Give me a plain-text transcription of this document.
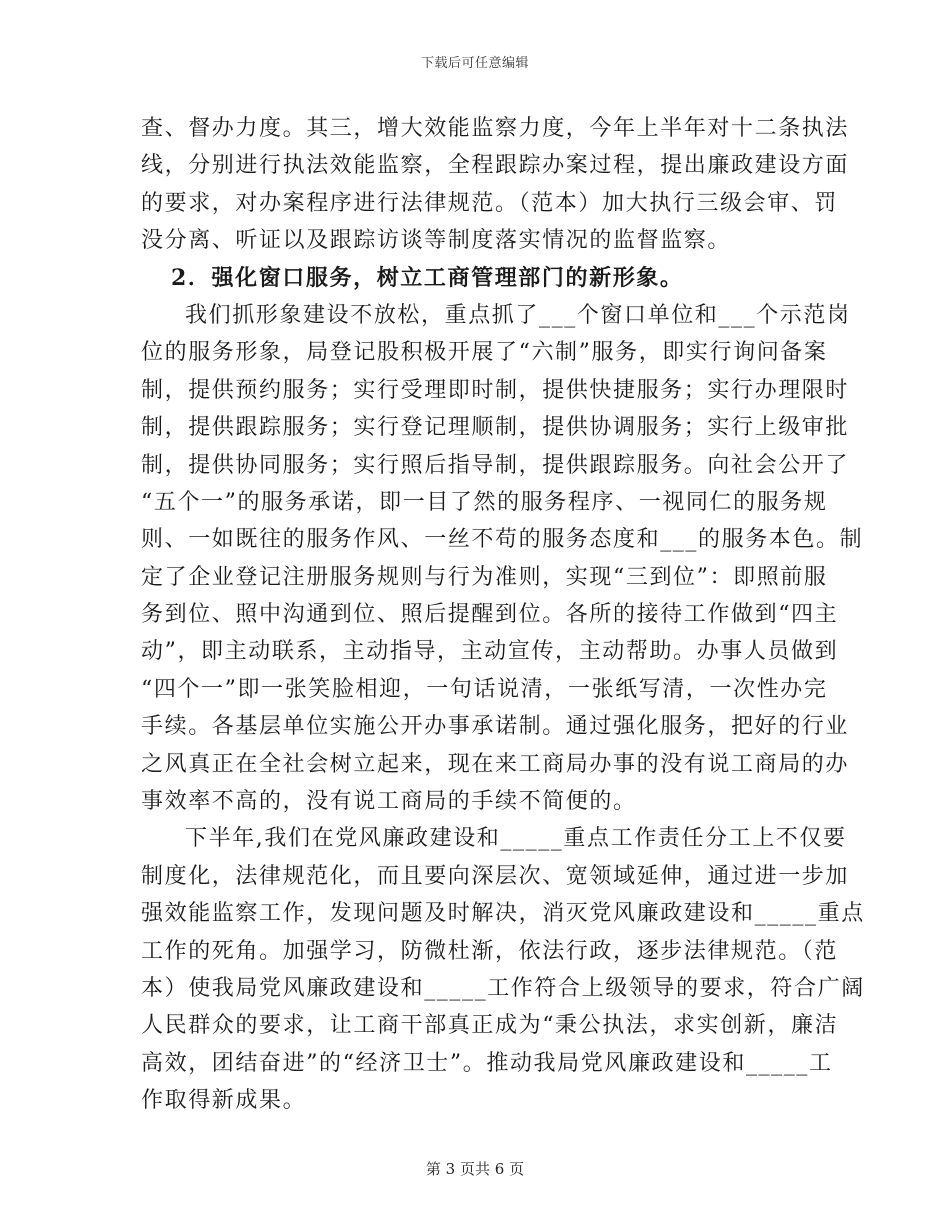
下载后可任意编辑
查、督办力度。其三，增大效能监察力度，今年上半年对十二条执法
线，分别进行执法效能监察，全程跟踪办案过程，提出廉政建设方面
的要求，对办案程序进行法律规范。（范本）加大执行三级会审、罚
没分离、听证以及跟踪访谈等制度落实情况的监督监察。
2．强化窗口服务，树立工商管理部门的新形象。
我们抓形象建设不放松，重点抓了___个窗口单位和___个示范岗
位的服务形象，局登记股积极开展了“六制”服务，即实行询问备案
制，提供预约服务；实行受理即时制，提供快捷服务；实行办理限时
制，提供跟踪服务；实行登记理顺制，提供协调服务；实行上级审批
制，提供协同服务；实行照后指导制，提供跟踪服务。向社会公开了
“五个一”的服务承诺，即一目了然的服务程序、一视同仁的服务规
则、一如既往的服务作风、一丝不苟的服务态度和___的服务本色。制
定了企业登记注册服务规则与行为准则，实现“三到位”：即照前服
务到位、照中沟通到位、照后提醒到位。各所的接待工作做到“四主
动”，即主动联系，主动指导，主动宣传，主动帮助。办事人员做到
“四个一”即一张笑脸相迎，一句话说清，一张纸写清，一次性办完
手续。各基层单位实施公开办事承诺制。通过强化服务，把好的行业
之风真正在全社会树立起来，现在来工商局办事的没有说工商局的办
事效率不高的，没有说工商局的手续不简便的。
下半年,我们在党风廉政建设和_____重点工作责任分工上不仅要
制度化，法律规范化，而且要向深层次、宽领域延伸，通过进一步加
强效能监察工作，发现问题及时解决，消灭党风廉政建设和_____重点
工作的死角。加强学习，防微杜渐，依法行政，逐步法律规范。（范
本）使我局党风廉政建设和_____工作符合上级领导的要求，符合广阔
人民群众的要求，让工商干部真正成为“秉公执法，求实创新，廉洁
高效，团结奋进”的“经济卫士”。推动我局党风廉政建设和_____工
作取得新成果。
第 3 页共 6 页
